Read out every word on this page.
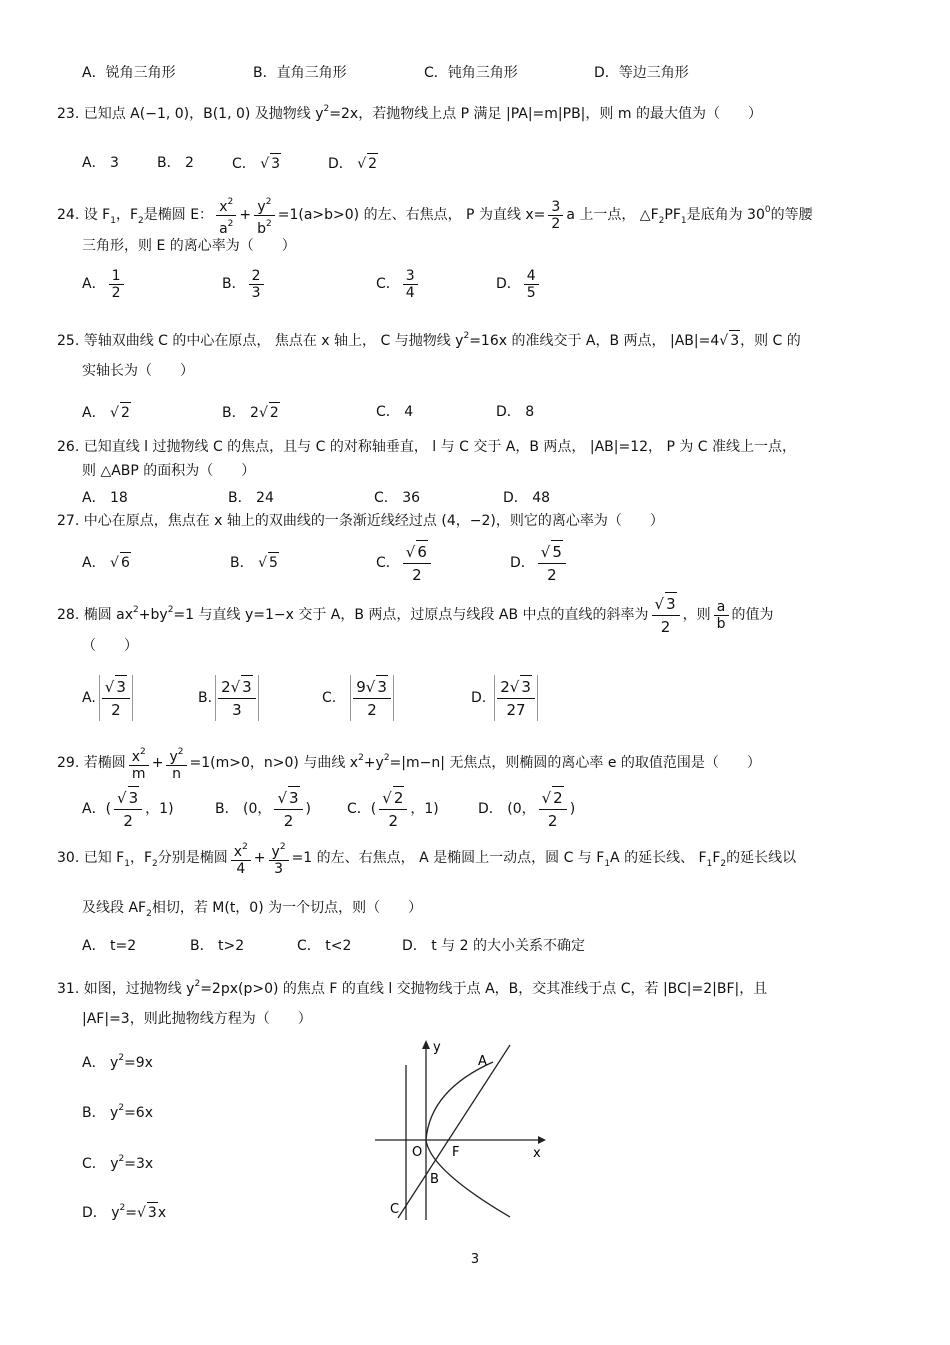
A．锐角三角形	B．直角三角形	C．钝角三角形	D．等边三角形
23. 已知点 A(−1, 0)，B(1, 0) 及抛物线 $y^2=2x$，若抛物线上点 P 满足 |PA|=m|PB|，则 m 的最大值为（　　）
A． 3	B． 2	C． √ 3	D． √ 2
24. 设 $F_1$，$F_2$是椭圆 E： $\frac{x^2}{a^2} + \frac{y^2}{b^2} =1(a>b>0)$ 的左、右焦点， P 为直线 $x= \frac{3}{2}$ a 上一点， $\triangle F_2PF_1$是底角为 $30^0$的等腰
三角形，则 E 的离心率为（　　）
A． $\frac{1}{2}$	B． $\frac{2}{3}$	C． $\frac{3}{4}$	D． $\frac{4}{5}$
25. 等轴双曲线 C 的中心在原点， 焦点在 x 轴上， C 与抛物线 $y^2=16x$ 的准线交于 A，B 两点， |AB|=4√ 3，则 C 的
实轴长为（　　）
A． √ 2	B． 2√ 2	C． 4	D． 8
26. 已知直线 l 过抛物线 C 的焦点，且与 C 的对称轴垂直， l 与 C 交于 A，B 两点， |AB|=12， P 为 C 准线上一点，
则 △ABP 的面积为（　　）
A． 18	B． 24	C． 36	D． 48
27. 中心在原点，焦点在 x 轴上的双曲线的一条渐近线经过点 (4，−2)，则它的离心率为（　　）
A． √ 6	B． √ 5	C．
√ $\frac{6}{2}$	D．
√ $\frac{5}{2}$
28. 椭圆 $ax^2+by^2=1$ 与直线 y=1−x 交于 A，B 两点，过原点与线段 AB 中点的直线的斜率为
√ $\frac{3}{2}$ ，则 $\frac{a}{b}$ 的值为
（　　）
A.
√ $\frac{3}{2}$	B. $\frac{2√ 3}{3}$	C. $\frac{9√ 3}{2}$	D. $\frac{2√ 3}{27}$
29. 若椭圆 $\frac{x^2}{m} + \frac{y^2}{n} =1(m>0$，n>0) 与曲线 $x^2+y^2=|m-n|$ 无焦点，则椭圆的离心率 e 的取值范围是（　　）
A．(
√ $\frac{3}{2}$ ，1)	B． (0，
√ $\frac{3}{2}$ )	C．(
√ $\frac{2}{2}$ ，1)	D． (0，
√ $\frac{2}{2}$ )
30. 已知 $F_1$，$F_2$分别是椭圆 $\frac{x^2}{4} + \frac{y^2}{3} =1$ 的左、右焦点， A 是椭圆上一动点，圆 C 与 $F_1A$ 的延长线、 $F_1F_2$的延长线以
及线段 $AF_2$相切，若 M(t，0) 为一个切点，则（　　）
A． t=2	B． t>2	C． t<2	D． t 与 2 的大小关系不确定
31. 如图，过抛物线 $y^2=2px(p>0)$ 的焦点 F 的直线 l 交抛物线于点 A，B，交其准线于点 C，若 |BC|=2|BF|，且
|AF|=3，则此抛物线方程为（　　）
A． $y^2=9x$
B． $y^2=6x$
C． $y^2=3x$
D． $y^2=√$ 3x
y
x
O F
A
B
C
3
